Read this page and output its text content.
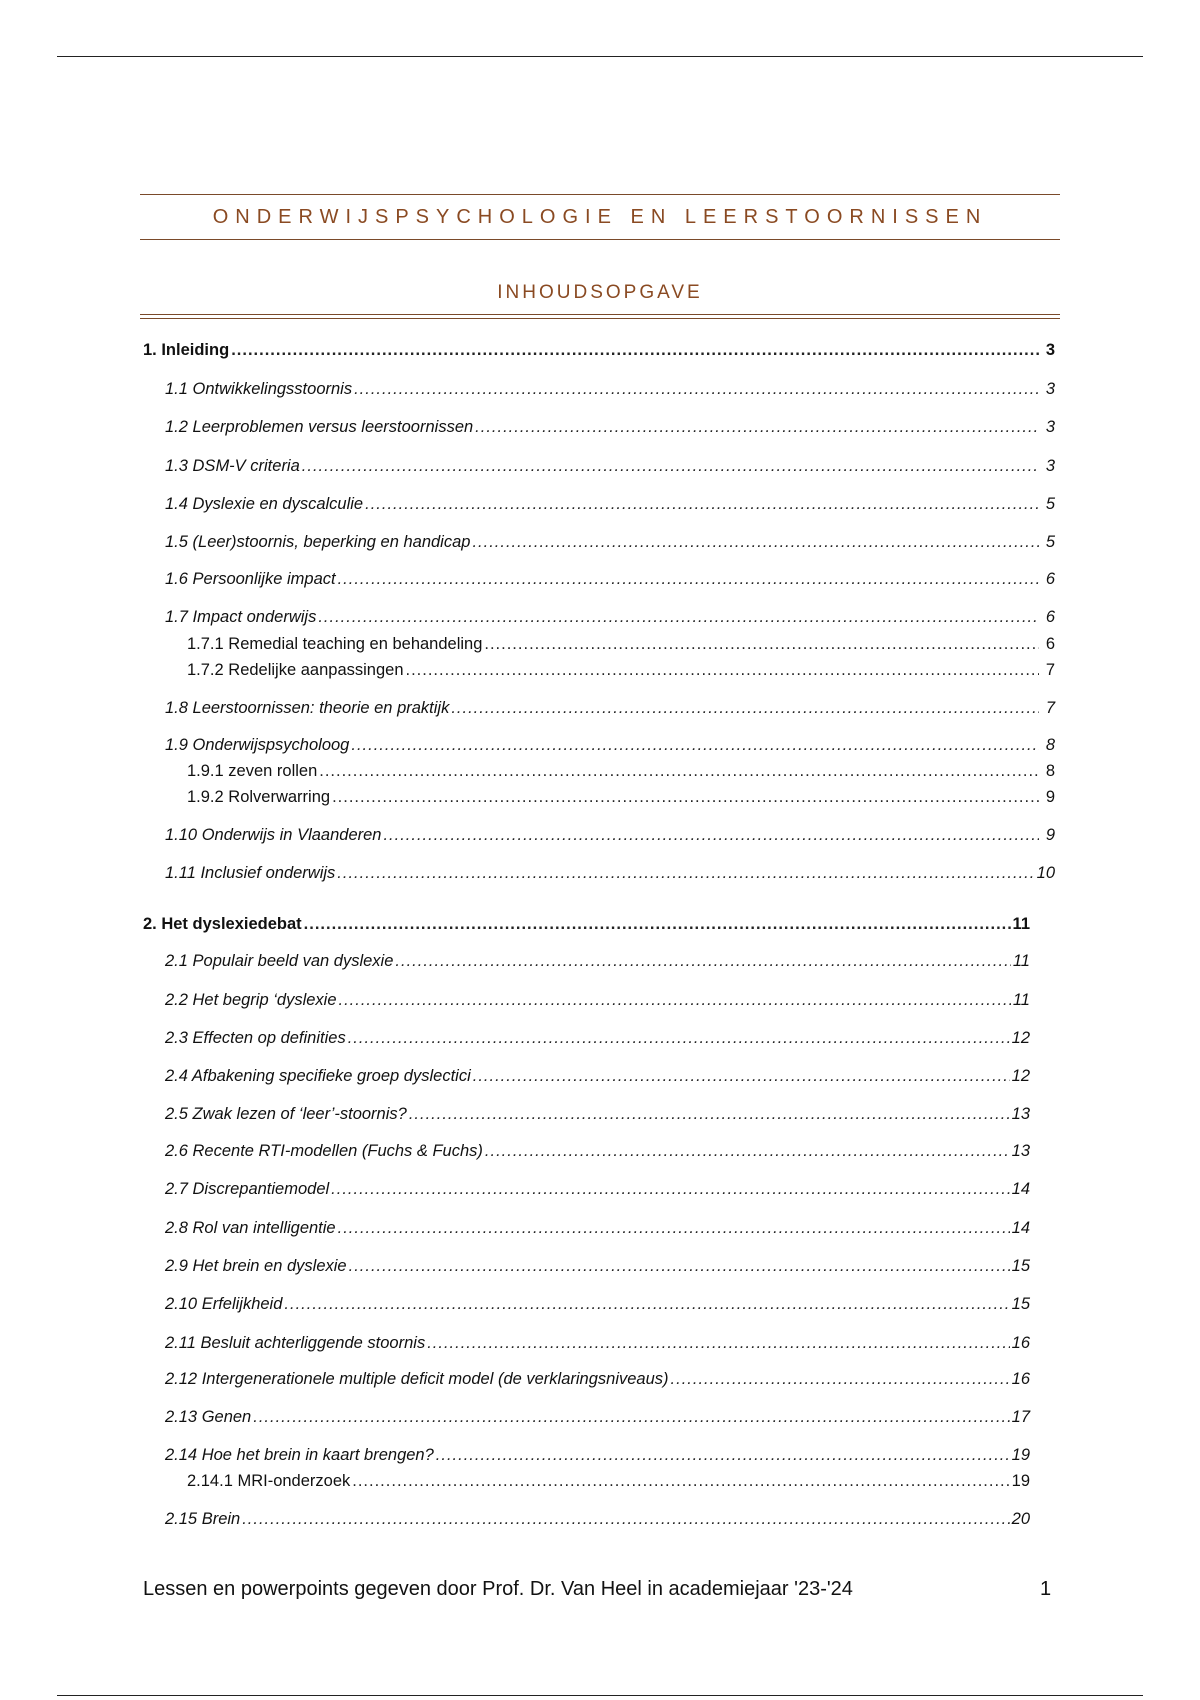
ONDERWIJSPSYCHOLOGIE EN LEERSTOORNISSEN
INHOUDSOPGAVE
1. Inleiding .....	3
1.1 Ontwikkelingsstoornis .....	3
1.2 Leerproblemen versus leerstoornissen .....	3
1.3 DSM-V criteria .....	3
1.4 Dyslexie en dyscalculie .....	5
1.5 (Leer)stoornis, beperking en handicap .....	5
1.6 Persoonlijke impact .....	6
1.7 Impact onderwijs .....	6
1.7.1 Remedial teaching en behandeling .....	6
1.7.2 Redelijke aanpassingen .....	7
1.8 Leerstoornissen: theorie en praktijk .....	7
1.9 Onderwijspsycholoog .....	8
1.9.1 zeven rollen .....	8
1.9.2 Rolverwarring .....	9
1.10 Onderwijs in Vlaanderen .....	9
1.11 Inclusief onderwijs .....	10
2. Het dyslexiedebat .....	11
2.1 Populair beeld van dyslexie .....	11
2.2 Het begrip ‘dyslexie .....	11
2.3 Effecten op definities .....	12
2.4 Afbakening specifieke groep dyslectici .....	12
2.5 Zwak lezen of ‘leer’-stoornis? .....	13
2.6 Recente RTI-modellen (Fuchs & Fuchs) .....	13
2.7 Discrepantiemodel .....	14
2.8 Rol van intelligentie .....	14
2.9 Het brein en dyslexie .....	15
2.10 Erfelijkheid .....	15
2.11 Besluit achterliggende stoornis .....	16
2.12 Intergenerationele multiple deficit model (de verklaringsniveaus) .....	16
2.13 Genen .....	17
2.14 Hoe het brein in kaart brengen? .....	19
2.14.1 MRI-onderzoek .....	19
2.15 Brein .....	20
Lessen en powerpoints gegeven door Prof. Dr. Van Heel in academiejaar '23-'24	1
